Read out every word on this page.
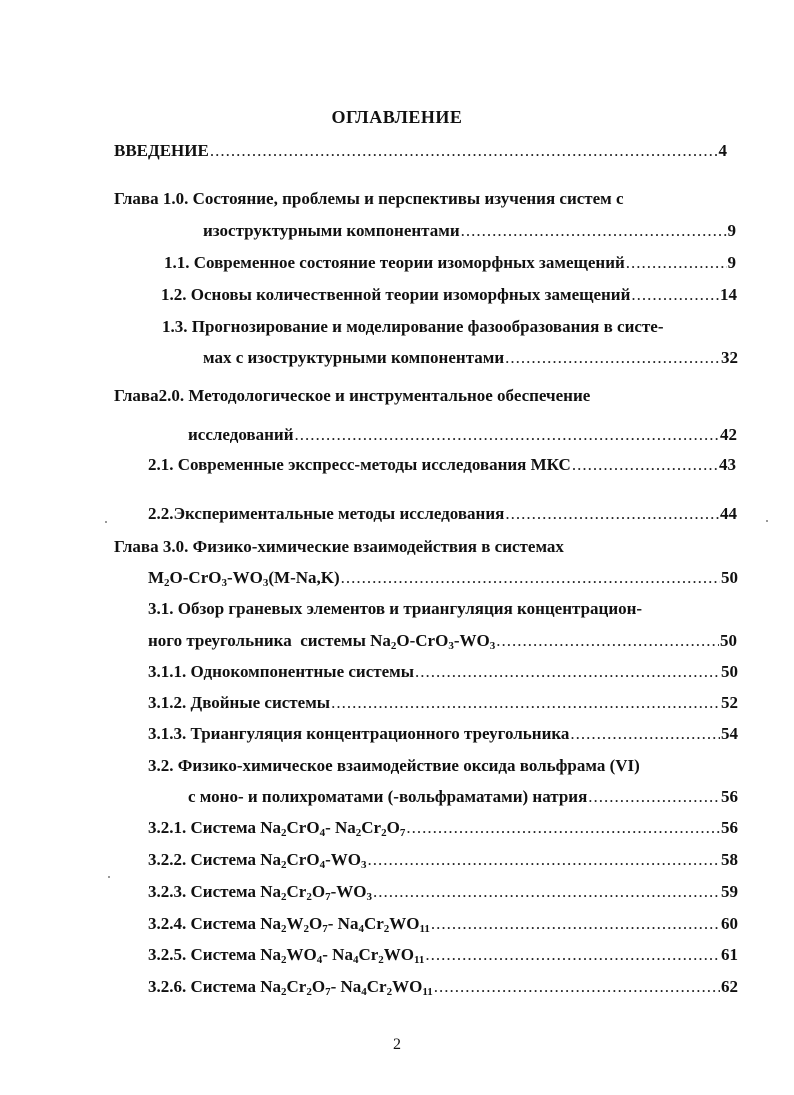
ОГЛАВЛЕНИЕ
ВВЕДЕНИЕ .....	4
Глава 1.0. Состояние, проблемы и перспективы изучения систем с
изоструктурными компонентами .....	9
1.1. Современное состояние теории изоморфных замещений .....	9
1.2. Основы количественной теории изоморфных замещений .....	14
1.3. Прогнозирование и моделирование фазообразования в систе-
мах с изоструктурными компонентами .....	32
Глава2.0. Методологическое и инструментальное обеспечение
исследований .....	42
2.1. Современные экспресс-методы исследования МКС .....	43
2.2.Экспериментальные методы исследования .....	44
Глава 3.0. Физико-химические взаимодействия в системах
$M_2O-CrO_3-WO_3(M-Na,K)$ .....	50
3.1. Обзор граневых элементов и триангуляция концентрацион-
ного треугольника  системы $Na_2O-CrO_3-WO_3$ .....	50
3.1.1. Однокомпонентные системы .....	50
3.1.2. Двойные системы .....	52
3.1.3. Триангуляция концентрационного треугольника .....	54
3.2. Физико-химическое взаимодействие оксида вольфрама (VI)
с моно- и полихроматами (-вольфраматами) натрия .....	56
3.2.1. Система $Na_2CrO_4-$ $Na_2Cr_2O_7$ .....	56
3.2.2. Система $Na_2CrO_4-WO_3$ .....	58
3.2.3. Система $Na_2Cr_2O_7-WO_3$ .....	59
3.2.4. Система $Na_2W_2O_7-$ $Na_4Cr_2WO_{11}$ .....	60
3.2.5. Система $Na_2WO_4-$ $Na_4Cr_2WO_{11}$ .....	61
3.2.6. Система $Na_2Cr_2O_7-$ $Na_4Cr_2WO_{11}$ .....	62
2
